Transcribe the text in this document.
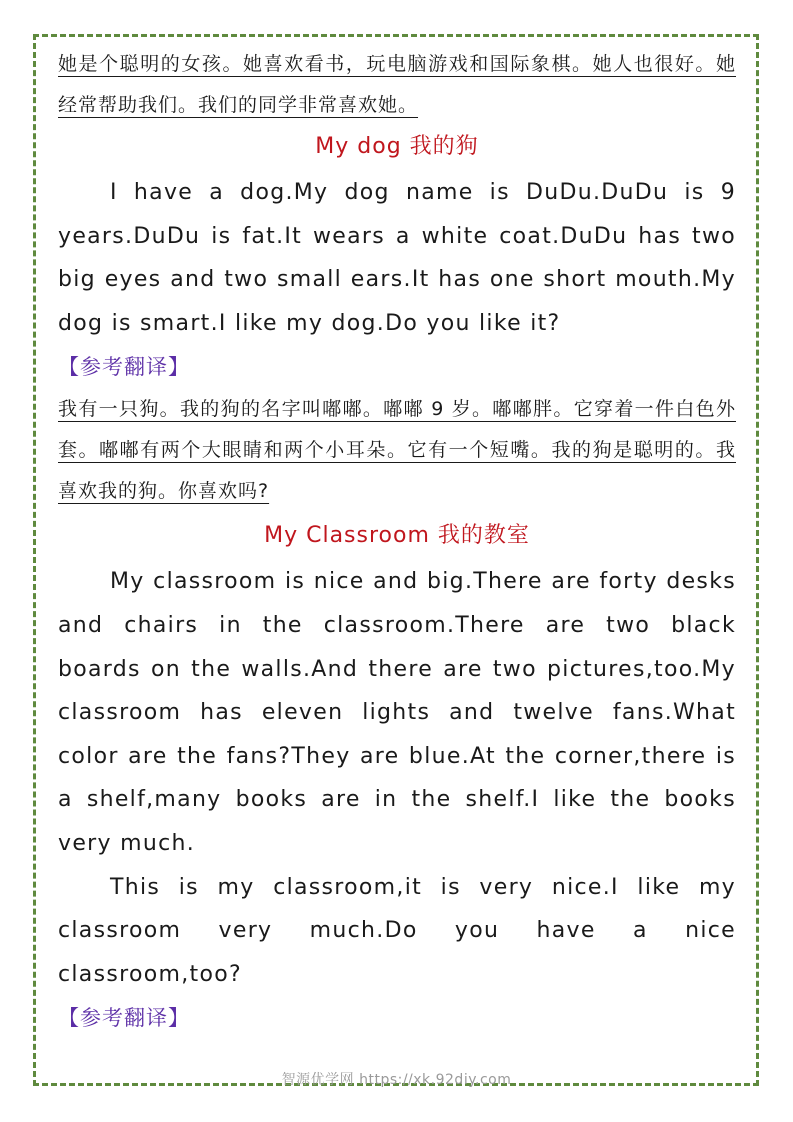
她是个聪明的女孩。她喜欢看书，玩电脑游戏和国际象棋。她人也很好。她经常帮助我们。我们的同学非常喜欢她。

My dog 我的狗

I have a dog.My dog name is DuDu.DuDu is 9 years.DuDu is fat.It wears a white coat.DuDu has two big eyes and two small ears.It has one short mouth.My dog is smart.I like my dog.Do you like it?

【参考翻译】

我有一只狗。我的狗的名字叫嘟嘟。嘟嘟 9 岁。嘟嘟胖。它穿着一件白色外套。嘟嘟有两个大眼睛和两个小耳朵。它有一个短嘴。我的狗是聪明的。我喜欢我的狗。你喜欢吗?

My Classroom 我的教室

My classroom is nice and big.There are forty desks and chairs in the classroom.There are two black boards on the walls.And there are two pictures,too.My classroom has eleven lights and twelve fans.What color are the fans?They are blue.At the corner,there is a shelf,many books are in the shelf.I like the books very much.

This is my classroom,it is very nice.I like my classroom very much.Do you have a nice classroom,too?

【参考翻译】
智源优学网 https://xk.92diy.com
